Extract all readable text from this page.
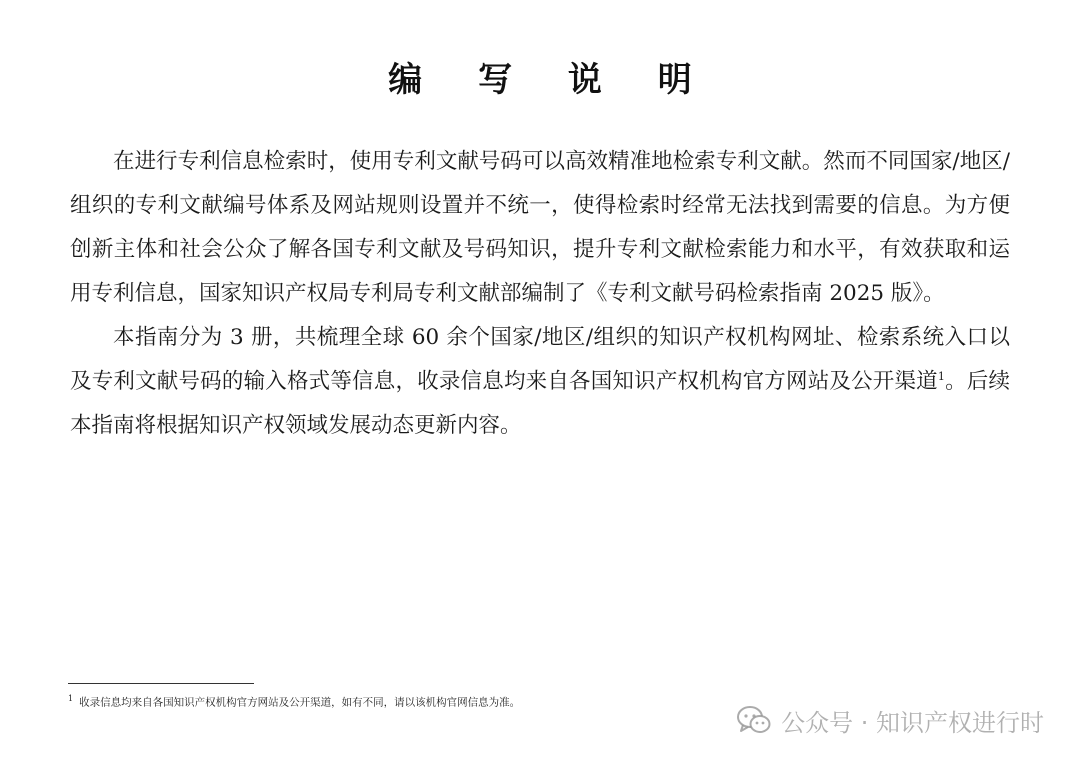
编 写 说 明

在进行专利信息检索时，使用专利文献号码可以高效精准地检索专利文献。然而不同国家/地区/组织的专利文献编号体系及网站规则设置并不统一，使得检索时经常无法找到需要的信息。为方便创新主体和社会公众了解各国专利文献及号码知识，提升专利文献检索能力和水平，有效获取和运用专利信息，国家知识产权局专利局专利文献部编制了《专利文献号码检索指南 2025 版》。

本指南分为 3 册，共梳理全球 60 余个国家/地区/组织的知识产权机构网址、检索系统入口以及专利文献号码的输入格式等信息，收录信息均来自各国知识产权机构官方网站及公开渠道$^1$。后续本指南将根据知识产权领域发展动态更新内容。

$^1$ 收录信息均来自各国知识产权机构官方网站及公开渠道，如有不同，请以该机构官网信息为准。
公众号 · 知识产权进行时
